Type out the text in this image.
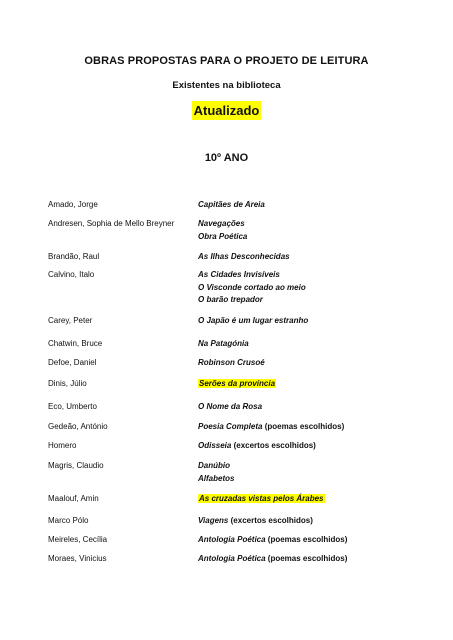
OBRAS PROPOSTAS PARA O PROJETO DE LEITURA
Existentes na biblioteca
Atualizado
10º ANO
Amado, Jorge	Capitães de Areia
Andresen, Sophia de Mello Breyner	Navegações
Obra Poética
Brandão, Raul	As Ilhas Desconhecidas
Calvino, Italo	As Cidades Invisíveis
O Visconde cortado ao meio
O barão trepador
Carey, Peter	O Japão é um lugar estranho
Chatwin, Bruce	Na Patagónia
Defoe, Daniel	Robinson Crusoé
Dinis, Júlio	Serões da província
Eco, Umberto	O Nome da Rosa
Gedeão, António	Poesia Completa (poemas escolhidos)
Homero	Odisseia (excertos escolhidos)
Magris, Claudio	Danúbio
Alfabetos
Maalouf, Amin	As cruzadas vistas pelos Árabes
Marco Pólo	Viagens (excertos escolhidos)
Meireles, Cecília	Antologia Poética (poemas escolhidos)
Moraes, Vinicius	Antologia Poética (poemas escolhidos)
